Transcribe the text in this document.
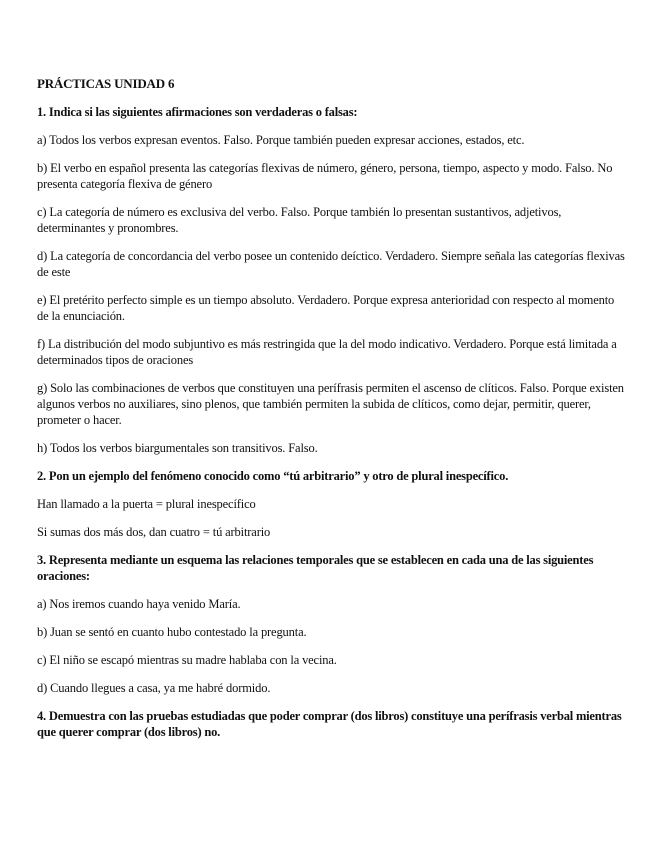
PRÁCTICAS UNIDAD 6
1. Indica si las siguientes afirmaciones son verdaderas o falsas:
a) Todos los verbos expresan eventos. Falso. Porque también pueden expresar acciones, estados, etc.
b) El verbo en español presenta las categorías flexivas de número, género, persona, tiempo, aspecto y modo. Falso. No presenta categoría flexiva de género
c) La categoría de número es exclusiva del verbo. Falso. Porque también lo presentan sustantivos, adjetivos, determinantes y pronombres.
d) La categoría de concordancia del verbo posee un contenido deíctico. Verdadero. Siempre señala las categorías flexivas de este
e) El pretérito perfecto simple es un tiempo absoluto. Verdadero. Porque expresa anterioridad con respecto al momento de la enunciación.
f) La distribución del modo subjuntivo es más restringida que la del modo indicativo. Verdadero. Porque está limitada a determinados tipos de oraciones
g) Solo las combinaciones de verbos que constituyen una perífrasis permiten el ascenso de clíticos. Falso. Porque existen algunos verbos no auxiliares, sino plenos, que también permiten la subida de clíticos, como dejar, permitir, querer, prometer o hacer.
h) Todos los verbos biargumentales son transitivos. Falso.
2. Pon un ejemplo del fenómeno conocido como “tú arbitrario” y otro de plural inespecífico.
Han llamado a la puerta = plural inespecífico
Si sumas dos más dos, dan cuatro = tú arbitrario
3. Representa mediante un esquema las relaciones temporales que se establecen en cada una de las siguientes oraciones:
a) Nos iremos cuando haya venido María.
b) Juan se sentó en cuanto hubo contestado la pregunta.
c) El niño se escapó mientras su madre hablaba con la vecina.
d) Cuando llegues a casa, ya me habré dormido.
4. Demuestra con las pruebas estudiadas que poder comprar (dos libros) constituye una perífrasis verbal mientras que querer comprar (dos libros) no.
